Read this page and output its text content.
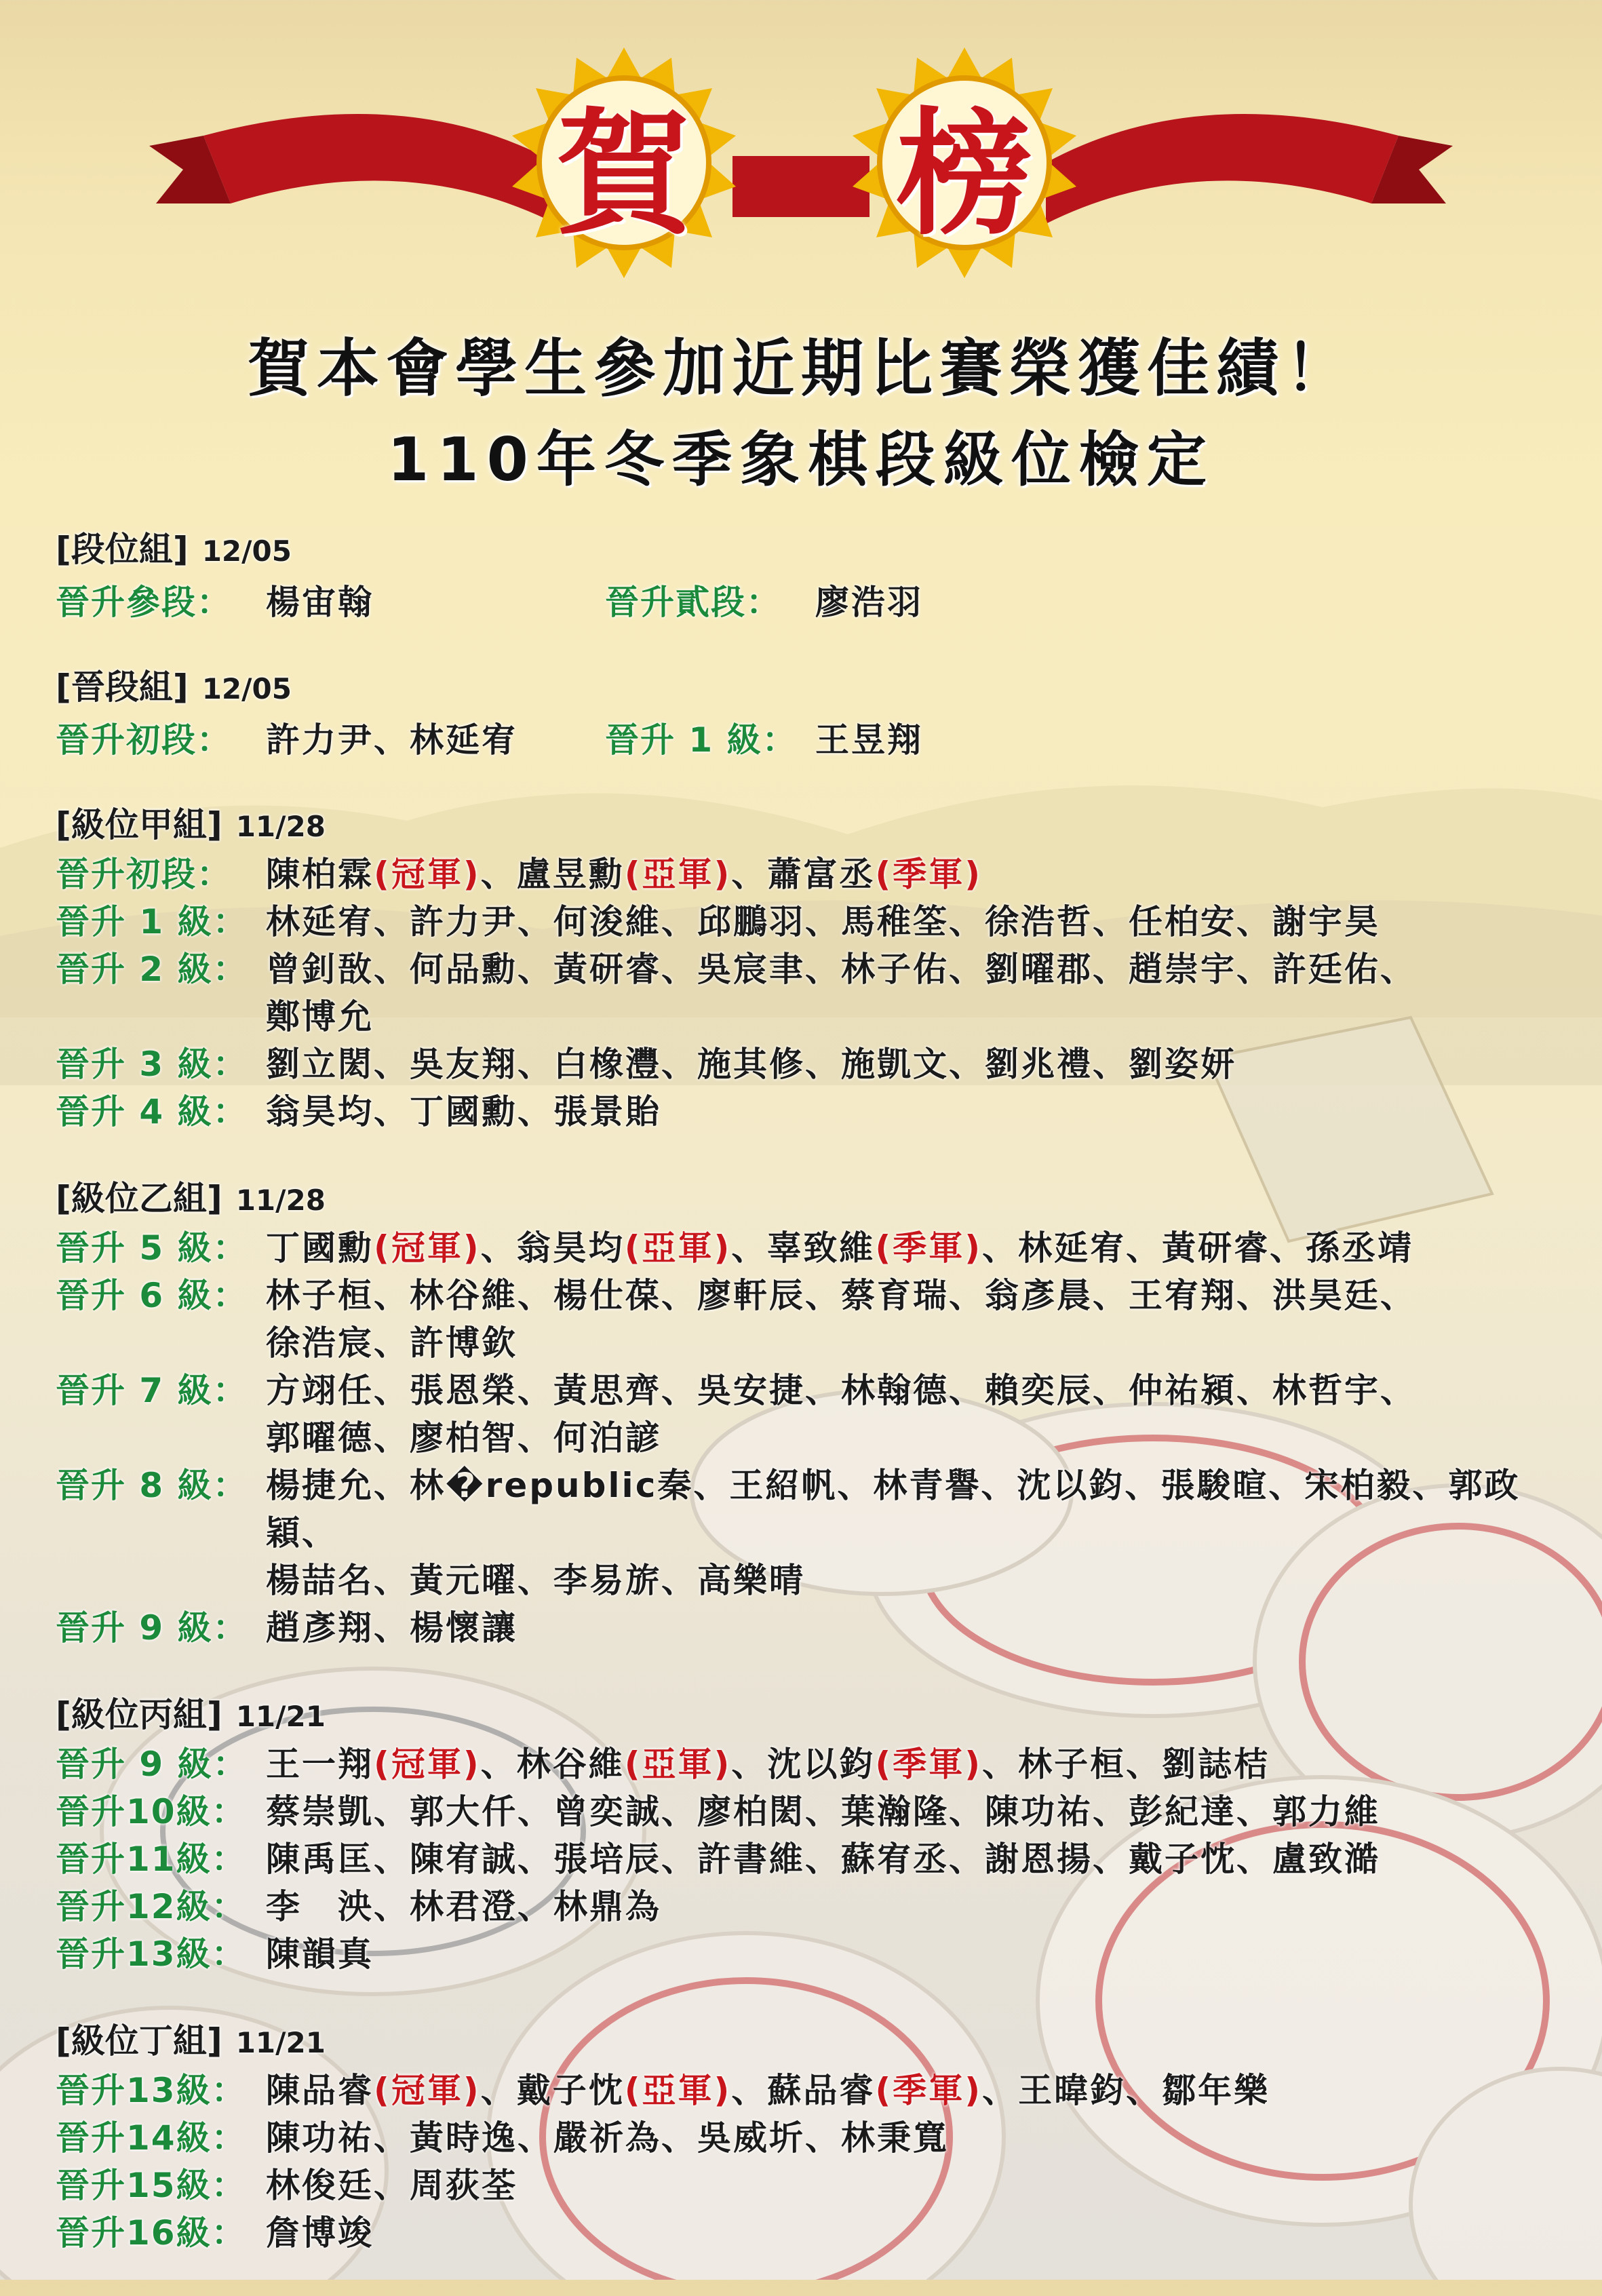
賀	榜
賀本會學生參加近期比賽榮獲佳績！
110年冬季象棋段級位檢定
[段位組] 12/05
晉升參段：	楊宙翰	晉升貳段：	廖浩羽
[晉段組] 12/05
晉升初段：	許力尹、林延宥	晉升 1 級： 王昱翔
[級位甲組] 11/28
晉升初段：	陳柏霖(冠軍)、盧昱勳(亞軍)、蕭富丞(季軍)
晉升 1 級： 林延宥、許力尹、何浚維、邱鵬羽、馬稚筌、徐浩哲、任柏安、謝宇昊
晉升 2 級： 曾釗敔、何品勳、黃研睿、吳宸聿、林子佑、劉曜郡、趙崇宇、許廷佑、
鄭博允
晉升 3 級： 劉立閎、吳友翔、白橡灃、施其修、施凱文、劉兆禮、劉姿妍
晉升 4 級： 翁昊均、丁國勳、張景貽
[級位乙組] 11/28
晉升 5 級： 丁國勳(冠軍)、翁昊均(亞軍)、辜致維(季軍)、林延宥、黃研睿、孫丞靖
晉升 6 級： 林子桓、林谷維、楊仕葆、廖軒辰、蔡育瑞、翁彥晨、王宥翔、洪昊廷、
徐浩宸、許博欽
晉升 7 級： 方翊任、張恩榮、黃思齊、吳安捷、林翰德、賴奕辰、仲祐潁、林哲宇、
郭曜德、廖柏智、何泊諺
晉升 8 級： 楊捷允、林�republic秦、王紹帆、林青譽、沈以鈞、張駿暄、宋柏毅、郭政穎、
楊喆名、黃元曜、李易旂、高樂晴
晉升 9 級： 趙彥翔、楊懷讓
[級位丙組] 11/21
晉升 9 級： 王一翔(冠軍)、林谷維(亞軍)、沈以鈞(季軍)、林子桓、劉誌桔
晉升10級： 蔡崇凱、郭大仟、曾奕誠、廖柏閎、葉瀚隆、陳功祐、彭紀達、郭力維
晉升11級： 陳禹匡、陳宥誠、張培辰、許書維、蘇宥丞、謝恩揚、戴子忱、盧致澔
晉升12級： 李　泱、林君澄、林鼎為
晉升13級： 陳韻真
[級位丁組] 11/21
晉升13級： 陳品睿(冠軍)、戴子忱(亞軍)、蘇品睿(季軍)、王暐鈞、鄒年樂
晉升14級： 陳功祐、黃時逸、嚴祈為、吳威圻、林秉寬
晉升15級： 林俊廷、周荻荃
晉升16級： 詹博竣
